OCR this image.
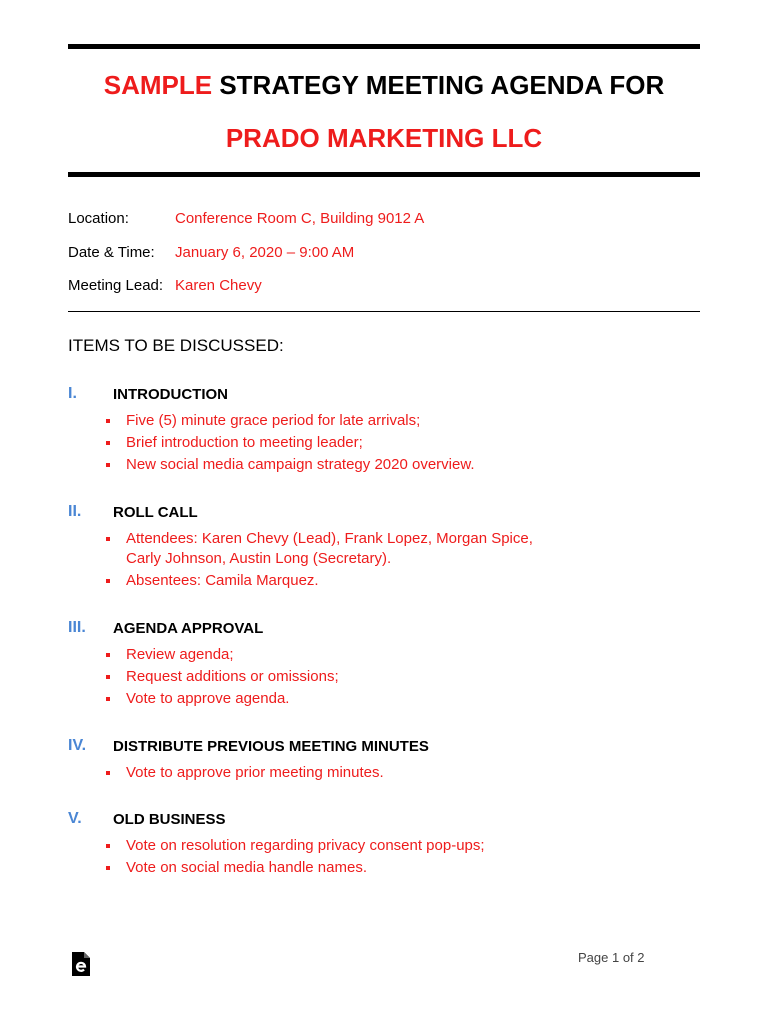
SAMPLE STRATEGY MEETING AGENDA FOR
PRADO MARKETING LLC
Location:	Conference Room C, Building 9012 A
Date & Time: January 6, 2020 – 9:00 AM
Meeting Lead: Karen Chevy
ITEMS TO BE DISCUSSED:
I. INTRODUCTION
Five (5) minute grace period for late arrivals;
Brief introduction to meeting leader;
New social media campaign strategy 2020 overview.
II. ROLL CALL
Attendees: Karen Chevy (Lead), Frank Lopez, Morgan Spice, Carly Johnson, Austin Long (Secretary).
Absentees: Camila Marquez.
III. AGENDA APPROVAL
Review agenda;
Request additions or omissions;
Vote to approve agenda.
IV. DISTRIBUTE PREVIOUS MEETING MINUTES
Vote to approve prior meeting minutes.
V. OLD BUSINESS
Vote on resolution regarding privacy consent pop-ups;
Vote on social media handle names.
Page 1 of 2
